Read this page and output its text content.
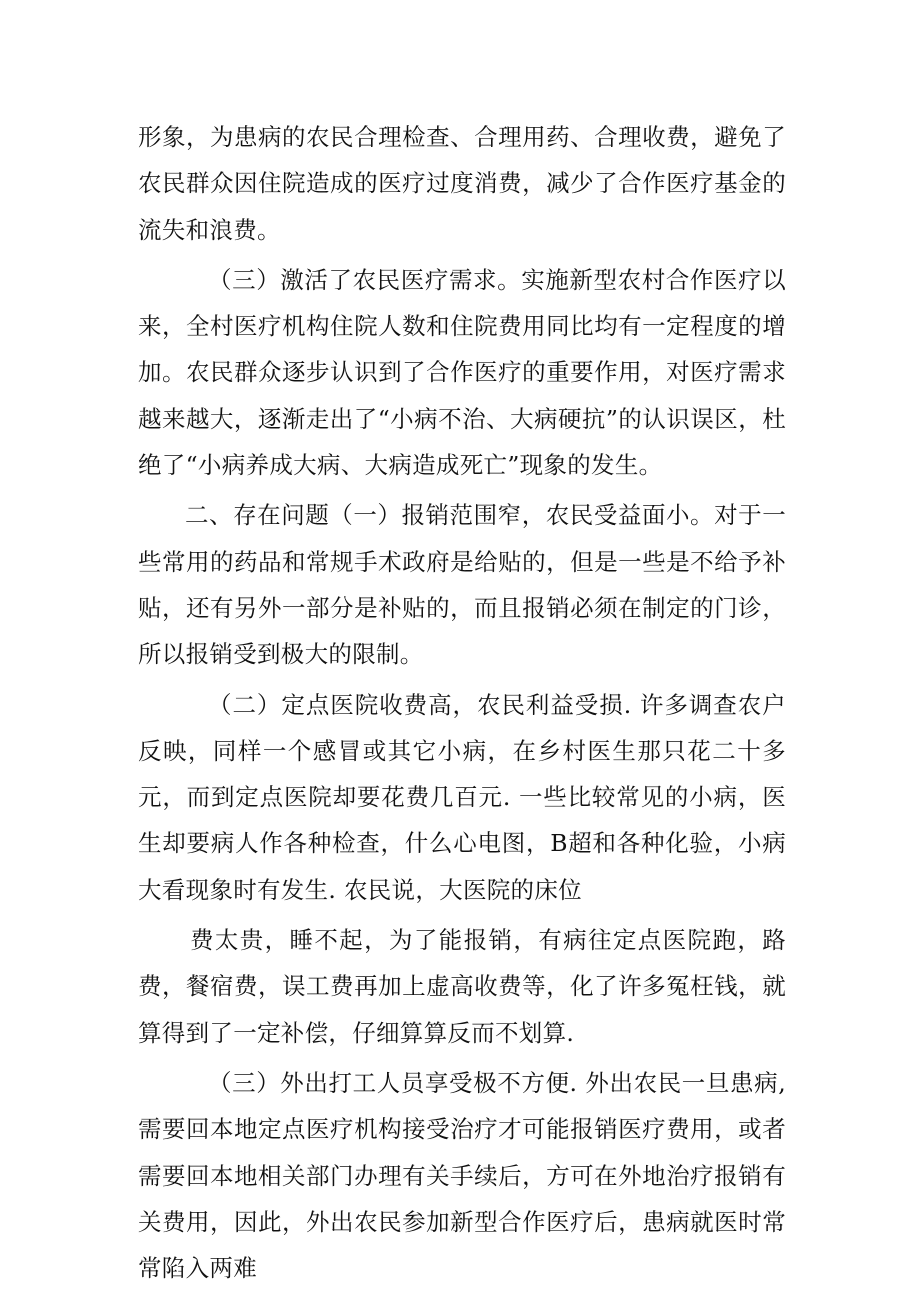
形象，为患病的农民合理检查、合理用药、合理收费，避免了农民群众因住院造成的医疗过度消费，减少了合作医疗基金的流失和浪费。

（三）激活了农民医疗需求。实施新型农村合作医疗以来，全村医疗机构住院人数和住院费用同比均有一定程度的增加。农民群众逐步认识到了合作医疗的重要作用，对医疗需求越来越大，逐渐走出了“小病不治、大病硬抗”的认识误区，杜绝了“小病养成大病、大病造成死亡”现象的发生。

二、存在问题（一）报销范围窄，农民受益面小。对于一些常用的药品和常规手术政府是给贴的，但是一些是不给予补贴，还有另外一部分是补贴的，而且报销必须在制定的门诊，所以报销受到极大的限制。

（二）定点医院收费高，农民利益受损. 许多调查农户反映，同样一个感冒或其它小病，在乡村医生那只花二十多元，而到定点医院却要花费几百元. 一些比较常见的小病，医生却要病人作各种检查，什么心电图，B超和各种化验，小病大看现象时有发生. 农民说，大医院的床位

费太贵，睡不起，为了能报销，有病往定点医院跑，路费，餐宿费，误工费再加上虚高收费等，化了许多冤枉钱，就算得到了一定补偿，仔细算算反而不划算.

（三）外出打工人员享受极不方便. 外出农民一旦患病, 需要回本地定点医疗机构接受治疗才可能报销医疗费用，或者需要回本地相关部门办理有关手续后，方可在外地治疗报销有关费用，因此，外出农民参加新型合作医疗后，患病就医时常常陷入两难
